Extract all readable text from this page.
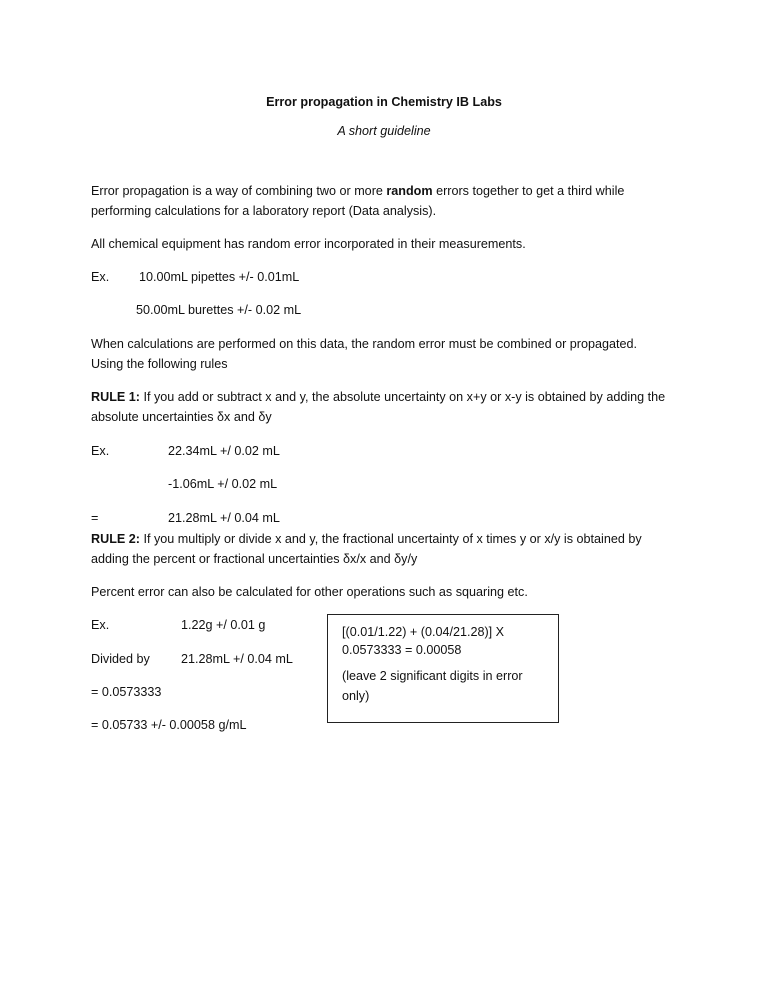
Error propagation in Chemistry IB Labs
A short guideline
Error propagation is a way of combining two or more random errors together to get a third while
performing calculations for a laboratory report (Data analysis).
All chemical equipment has random error incorporated in their measurements.
Ex. 10.00mL pipettes +/- 0.01mL
50.00mL burettes +/- 0.02 mL
When calculations are performed on this data, the random error must be combined or propagated.
Using the following rules
RULE 1: If you add or subtract x and y, the absolute uncertainty on x+y or x-y is obtained by adding the
absolute uncertainties δx and δy
Ex.	22.34mL +/ 0.02 mL
-1.06mL +/ 0.02 mL
=	21.28mL +/ 0.04 mL
RULE 2: If you multiply or divide x and y, the fractional uncertainty of x times y or x/y is obtained by
adding the percent or fractional uncertainties δx/x and δy/y
Percent error can also be calculated for other operations such as squaring etc.
Ex.	1.22g +/ 0.01 g
Divided by 21.28mL +/ 0.04 mL
= 0.0573333
= 0.05733 +/- 0.00058 g/mL
[(0.01/1.22) + (0.04/21.28)] X
0.0573333 = 0.00058
(leave 2 significant digits in error
only)
